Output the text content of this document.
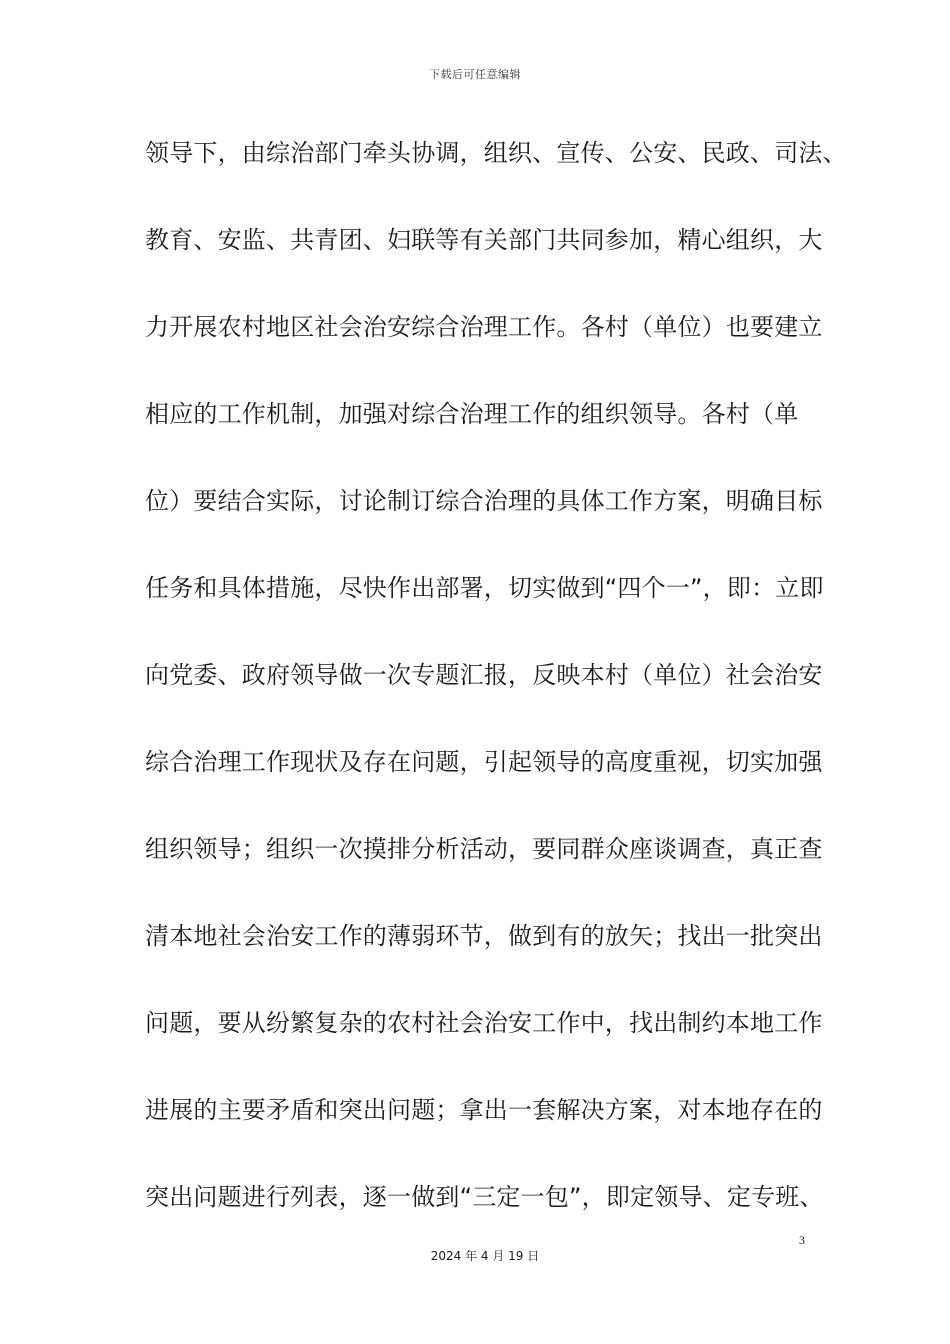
下载后可任意编辑
领导下，由综治部门牵头协调，组织、宣传、公安、民政、司法、
教育、安监、共青团、妇联等有关部门共同参加，精心组织，大
力开展农村地区社会治安综合治理工作。各村（单位）也要建立
相应的工作机制，加强对综合治理工作的组织领导。各村（单
位）要结合实际，讨论制订综合治理的具体工作方案，明确目标
任务和具体措施，尽快作出部署，切实做到“四个一”，即：立即
向党委、政府领导做一次专题汇报，反映本村（单位）社会治安
综合治理工作现状及存在问题，引起领导的高度重视，切实加强
组织领导；组织一次摸排分析活动，要同群众座谈调查，真正查
清本地社会治安工作的薄弱环节，做到有的放矢；找出一批突出
问题，要从纷繁复杂的农村社会治安工作中，找出制约本地工作
进展的主要矛盾和突出问题；拿出一套解决方案，对本地存在的
突出问题进行列表，逐一做到“三定一包”，即定领导、定专班、
3
2024 年 4 月 19 日
